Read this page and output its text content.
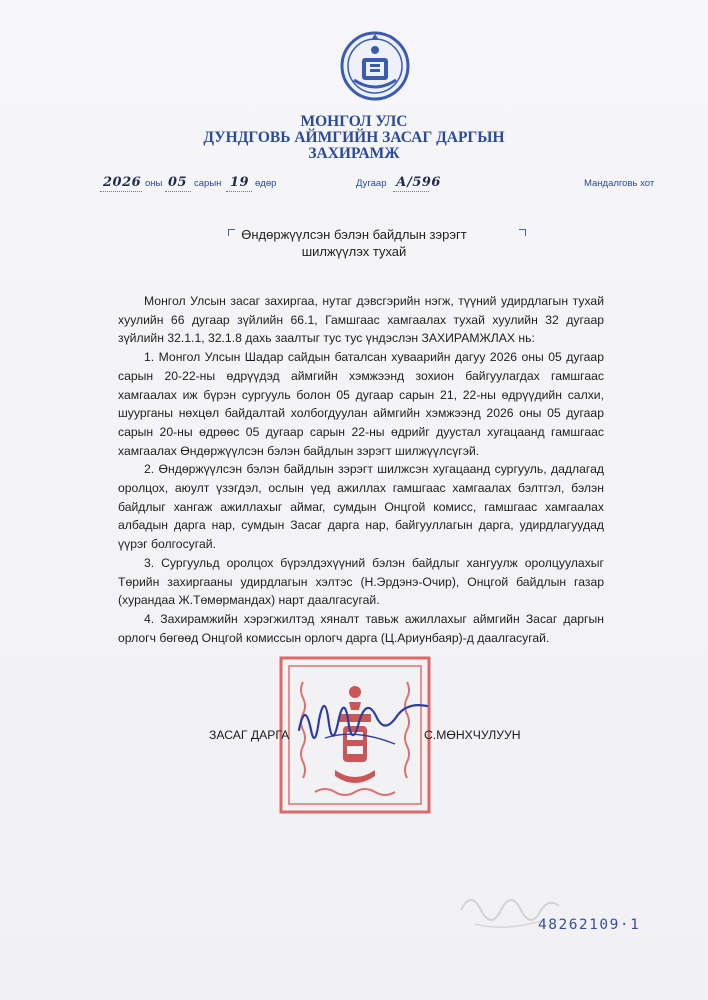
МОНГОЛ УЛС
ДУНДГОВЬ АЙМГИЙН ЗАСАГ ДАРГЫН
ЗАХИРАМЖ
2026 оны 05 сарын 19 өдөр	Дугаар А/596	Мандалговь хот
Өндөржүүлсэн бэлэн байдлын зэрэгт
шилжүүлэх тухай

Монгол Улсын засаг захиргаа, нутаг дэвсгэрийн нэгж, түүний удирдлагын тухай хуулийн 66 дугаар зүйлийн 66.1, Гамшгаас хамгаалах тухай хуулийн 32 дугаар зүйлийн 32.1.1, 32.1.8 дахь заалтыг тус тус үндэслэн ЗАХИРАМЖЛАХ нь:

1. Монгол Улсын Шадар сайдын баталсан хуваарийн дагуу 2026 оны 05 дугаар сарын 20-22-ны өдрүүдэд аймгийн хэмжээнд зохион байгуулагдах гамшгаас хамгаалах иж бүрэн сургууль болон 05 дугаар сарын 21, 22-ны өдрүүдийн салхи, шуурганы нөхцөл байдалтай холбогдуулан аймгийн хэмжээнд 2026 оны 05 дугаар сарын 20-ны өдрөөс 05 дугаар сарын 22-ны өдрийг дуустал хугацаанд гамшгаас хамгаалах Өндөржүүлсэн бэлэн байдлын зэрэгт шилжүүлсүгэй.

2. Өндөржүүлсэн бэлэн байдлын зэрэгт шилжсэн хугацаанд сургууль, дадлагад оролцох, аюулт үзэгдэл, ослын үед ажиллах гамшгаас хамгаалах бэлтгэл, бэлэн байдлыг хангаж ажиллахыг аймаг, сумдын Онцгой комисс, гамшгаас хамгаалах албадын дарга нар, сумдын Засаг дарга нар, байгууллагын дарга, удирдлагуудад үүрэг болгосугай.

3. Сургуульд оролцох бүрэлдэхүүний бэлэн байдлыг хангуулж оролцуулахыг Төрийн захиргааны удирдлагын хэлтэс (Н.Эрдэнэ-Очир), Онцгой байдлын газар (хурандаа Ж.Төмөрмандах) нарт даалгасугай.

4. Захирамжийн хэрэгжилтэд хяналт тавьж ажиллахыг аймгийн Засаг даргын орлогч бөгөөд Онцгой комиссын орлогч дарга (Ц.Ариунбаяр)-д даалгасугай.

ЗАСАГ ДАРГА	С.МӨНХЧУЛУУН
48262109·1
